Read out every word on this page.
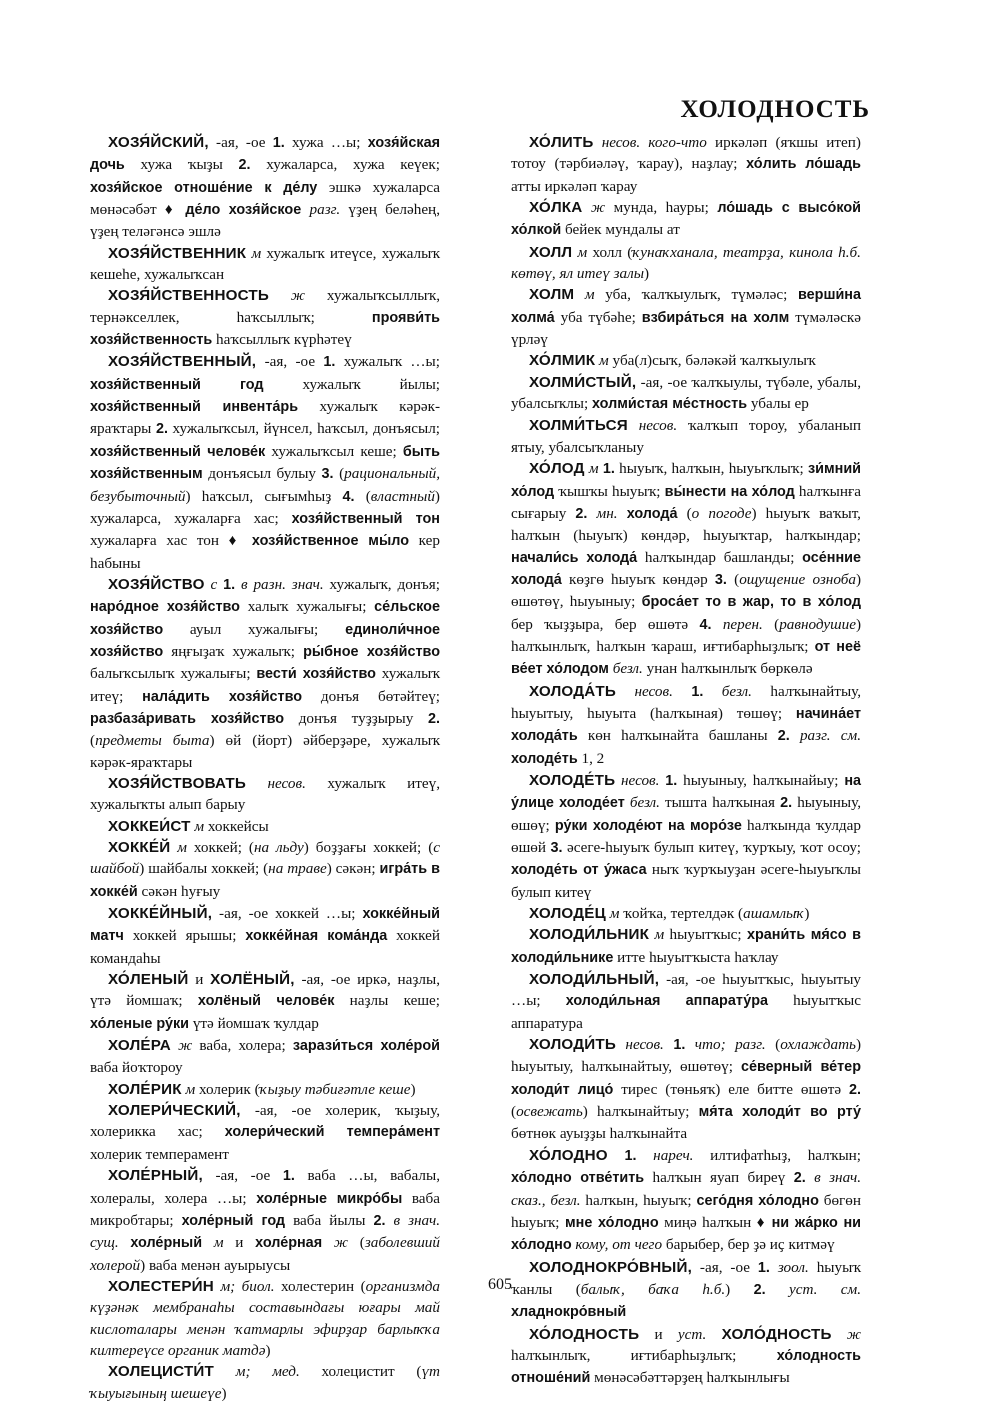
ХОЛОДНОСТЬ

ХОЗЯ́ЙСКИЙ, -ая, -ое 1. хужа …ы; хозя́йская дочь хужа ҡыҙы 2. хужаларса, хужа кеүек; хозя́йское отноше́ние к де́лу эшкә хужаларса мөнәсәбәт ♦ де́ло хозя́йское разг. үҙең беләһең, үҙең теләгәнсә эшлә

ХОЗЯ́ЙСТВЕННИК м хужалыҡ итеүсе, хужалыҡ кешеһе, хужалыҡсан

ХОЗЯ́ЙСТВЕННОСТЬ ж хужалыҡсыллыҡ, тернәкселлек, һаҡсыллыҡ; прояви́ть хозя́йственность һаҡсыллыҡ күрһәтеү

ХОЗЯ́ЙСТВЕННЫЙ, -ая, -ое 1. хужалыҡ …ы; хозя́йственный год хужалыҡ йылы; хозя́йственный инвента́рь хужалыҡ кәрәк-яраҡтары 2. хужалыҡсыл, йүнсел, һаҡсыл, донъясыл; хозя́йственный челове́к хужалыҡсыл кеше; быть хозя́йственным донъясыл булыу 3. (рациональный, безубыточный) һаҡсыл, сығымһыҙ 4. (властный) хужаларса, хужаларға хас; хозя́йственный тон хужаларға хас тон ♦ хозя́йственное мы́ло кер һабыны

ХОЗЯ́ЙСТВО с 1. в разн. знач. хужалыҡ, донъя; наро́дное хозя́йство халыҡ хужалығы; се́льское хозя́йство ауыл хужалығы; единоли́чное хозя́йство яңғыҙаҡ хужалыҡ; ры́бное хозя́йство балыҡсылыҡ хужалығы; вести́ хозя́йство хужалыҡ итеү; нала́дить хозя́йство донъя бөтәйтеү; разбаза́ривать хозя́йство донъя туҙҙырыу 2. (предметы быта) өй (йорт) әйберҙәре, хужалыҡ кәрәк-яраҡтары

ХОЗЯ́ЙСТВОВАТЬ несов. хужалыҡ итеү, хужалыҡты алып барыу

ХОККЕИ́СТ м хоккейсы

ХОККЕ́Й м хоккей; (на льду) боҙҙағы хоккей; (с шайбой) шайбалы хоккей; (на траве) сәкән; игра́ть в хокке́й сәкән һуғыу

ХОККЕ́ЙНЫЙ, -ая, -ое хоккей …ы; хокке́йный матч хоккей ярышы; хокке́йная кома́нда хоккей командаһы

ХО́ЛЕНЫЙ и ХОЛЁНЫЙ, -ая, -ое иркә, наҙлы, үтә йомшаҡ; холёный челове́к наҙлы кеше; хо́леные ру́ки үтә йомшаҡ ҡулдар

ХОЛЕ́РА ж ваба, холера; зарази́ться холе́рой ваба йоҡтороу

ХОЛЕ́РИК м холерик (ҡыҙыу тәбиғәтле кеше)

ХОЛЕРИ́ЧЕСКИЙ, -ая, -ое холерик, ҡыҙыу, холерикка хас; холери́ческий темпера́мент холерик темперамент

ХОЛЕ́РНЫЙ, -ая, -ое 1. ваба …ы, вабалы, холералы, холера …ы; холе́рные микро́бы ваба микробтары; холе́рный год ваба йылы 2. в знач. сущ. холе́рный м и холе́рная ж (заболевший холерой) ваба менән ауырыусы

ХОЛЕСТЕРИ́Н м; биол. холестерин (организмда күҙәнәк мембранаһы составындағы юғары май кислоталары менән ҡатмарлы эфирҙар барлыҡҡа килтереүсе органик матдә)

ХОЛЕЦИСТИ́Т м; мед. холецистит (үт ҡыуығының шешеүе)

ХО́ЛИТЬ несов. кого-что иркәләп (яҡшы итеп) тотоу (тәрбиәләү, ҡарау), наҙлау; хо́лить ло́шадь атты иркәләп ҡарау

ХО́ЛКА ж мунда, һауры; ло́шадь с высо́кой хо́лкой бейек мундалы ат

ХОЛЛ м холл (ҡунаҡханала, театрҙа, кинола һ.б. көтөү, ял итеү залы)

ХОЛМ м уба, ҡалҡыулыҡ, түмәләс; верши́на холма́ уба түбәһе; взбира́ться на холм түмәләскә үрләү

ХО́ЛМИК м уба(л)сыҡ, бәләкәй ҡалҡыулыҡ

ХОЛМИ́СТЫЙ, -ая, -ое ҡалҡыулы, түбәле, убалы, убалсыҡлы; холми́стая ме́стность убалы ер

ХОЛМИ́ТЬСЯ несов. ҡалҡып тороу, убаланып ятыу, убалсыҡланыу

ХО́ЛОД м 1. һыуыҡ, һалҡын, һыуыҡлыҡ; зи́мний хо́лод ҡышҡы һыуыҡ; вы́нести на хо́лод һалҡынға сығарыу 2. мн. холода́ (о погоде) һыуыҡ ваҡыт, һалҡын (һыуыҡ) көндәр, һыуыҡтар, һалҡындар; начали́сь холода́ һалҡындар башланды; осе́нние холода́ көҙгө һыуыҡ көндәр 3. (ощущение озноба) өшөтөү, һыуыныу; броса́ет то в жар, то в хо́лод бер ҡыҙҙыра, бер өшөтә 4. перен. (равнодушие) һалҡынлыҡ, һалҡын ҡараш, иғтибарһыҙлыҡ; от неё ве́ет хо́лодом безл. унан һалҡынлыҡ бөркөлә

ХОЛОДА́ТЬ несов. 1. безл. һалҡынайтыу, һыуытыу, һыуыта (һалҡыная) төшөү; начина́ет холода́ть көн һалҡынайта башланы 2. разг. см. холоде́ть 1, 2

ХОЛОДЕ́ТЬ несов. 1. һыуыныу, һалҡынайыу; на у́лице холоде́ет безл. тышта һалҡыная 2. һыуыныу, өшөү; ру́ки холоде́ют на моро́зе һалҡында ҡулдар өшөй 3. әсеге-һыуыҡ булып китеү, ҡурҡыу, ҡот осоу; холоде́ть от у́жаса ныҡ ҡурҡыуҙан әсеге-һыуыҡлы булып китеү

ХОЛОДЕ́Ц м ҡойҡа, тертелдәк (ашамлыҡ)

ХОЛОДИ́ЛЬНИК м һыуытҡыс; храни́ть мя́со в холоди́льнике итте һыуытҡыста һаҡлау

ХОЛОДИ́ЛЬНЫЙ, -ая, -ое һыуытҡыс, һыуытыу …ы; холоди́льная аппарату́ра һыуытҡыс аппаратура

ХОЛОДИ́ТЬ несов. 1. что; разг. (охлаждать) һыуытыу, һалҡынайтыу, өшөтөү; се́верный ве́тер холоди́т лицо́ тирес (төньяҡ) еле битте өшөтә 2. (освежать) һалҡынайтыу; мя́та холоди́т во рту́ бөтнөк ауыҙҙы һалҡынайта

ХО́ЛОДНО 1. нареч. илтифатһыҙ, һалҡын; хо́лодно отве́тить һалҡын яуап биреү 2. в знач. сказ., безл. һалҡын, һыуыҡ; сего́дня хо́лодно бөгөн һыуыҡ; мне хо́лодно миңә һалҡын ♦ ни жа́рко ни хо́лодно кому, от чего барыбер, бер ҙә иҫ китмәү

ХОЛОДНОКРО́ВНЫЙ, -ая, -ое 1. зоол. һыуыҡ ҡанлы (балыҡ, баҡа һ.б.) 2. уст. см. хладнокро́вный

ХО́ЛОДНОСТЬ и уст. ХОЛО́ДНОСТЬ ж һалҡынлыҡ, иғтибарһыҙлыҡ; хо́лодность отноше́ний мөнәсәбәттәрҙең һалҡынлығы

605
